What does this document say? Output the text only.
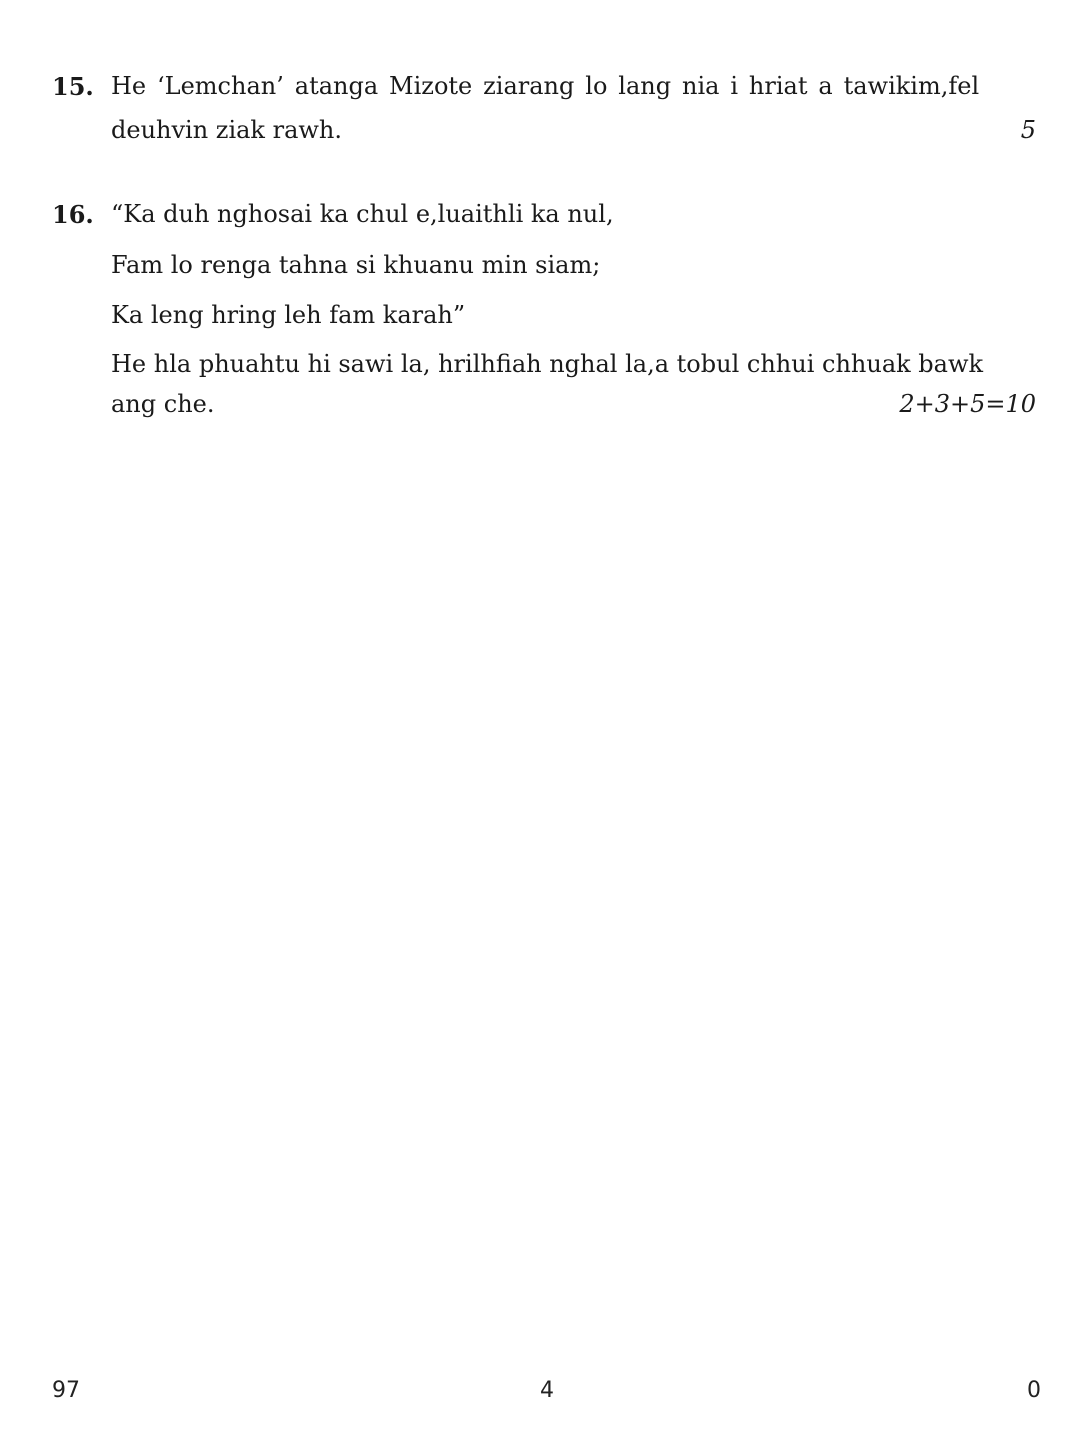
15. He ‘Lemchan’ atanga Mizote ziarang lo lang nia i hriat a tawikim,fel
deuhvin ziak rawh.	5
16. “Ka duh nghosai ka chul e,luaithli ka nul,
Fam lo renga tahna si khuanu min siam;
Ka leng hring leh fam karah”
He hla phuahtu hi sawi la, hrilhfiah nghal la,a tobul chhui chhuak bawk
ang che.	2+3+5=10
97	4	0
